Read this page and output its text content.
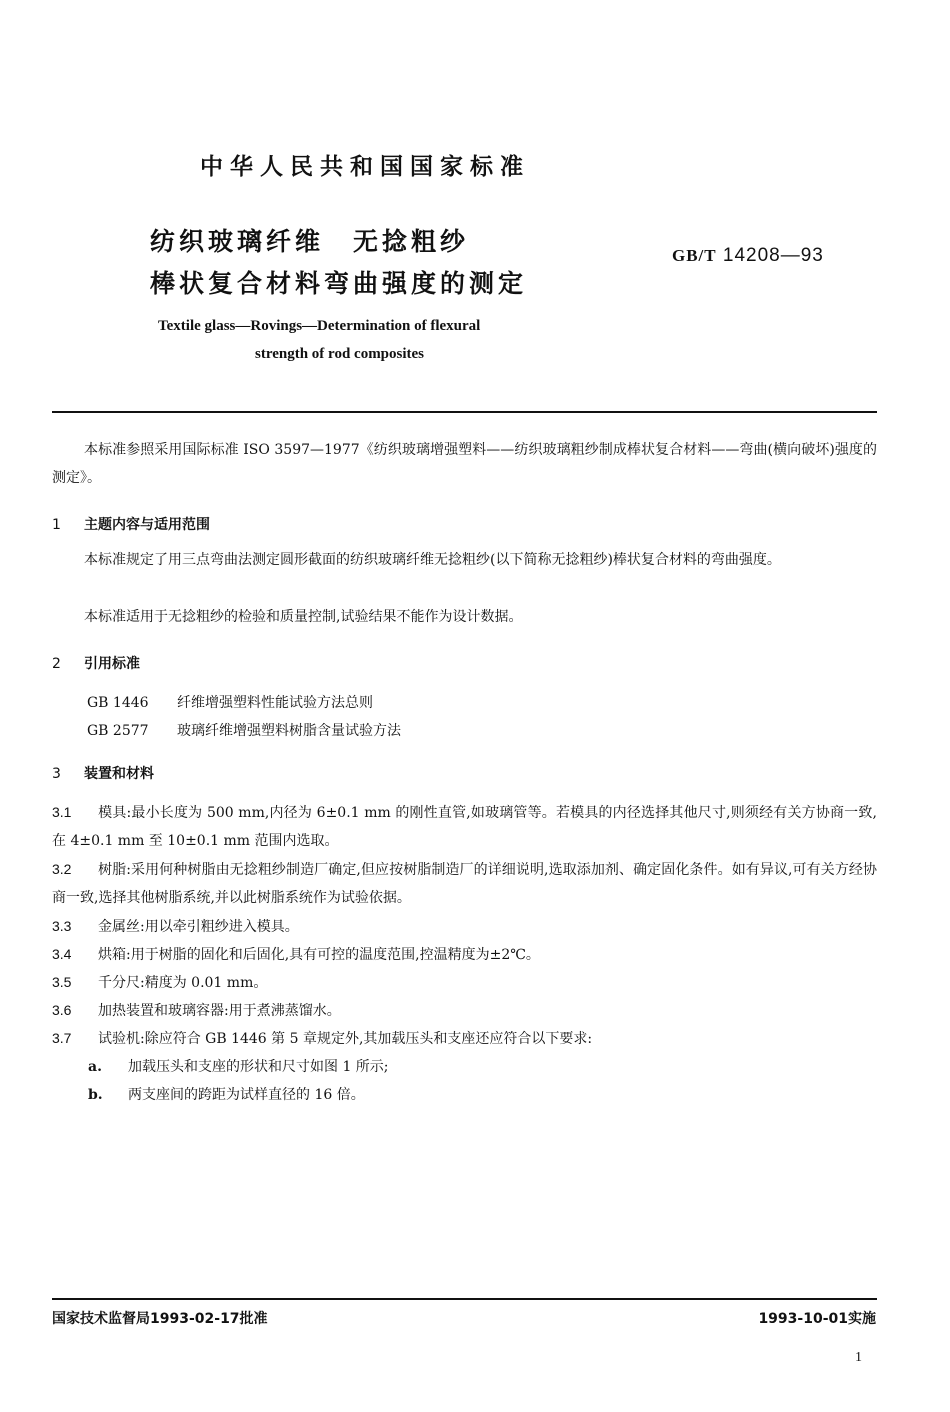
中华人民共和国国家标准
纺织玻璃纤维　无捻粗纱
棒状复合材料弯曲强度的测定
GB/T 14208—93
Textile glass—Rovings—Determination of flexural
strength of rod composites
本标准参照采用国际标准 ISO 3597—1977《纺织玻璃增强塑料——纺织玻璃粗纱制成棒状复合材料——弯曲(横向破坏)强度的测定》。
1 主题内容与适用范围
本标准规定了用三点弯曲法测定圆形截面的纺织玻璃纤维无捻粗纱(以下简称无捻粗纱)棒状复合材料的弯曲强度。
本标准适用于无捻粗纱的检验和质量控制,试验结果不能作为设计数据。
2 引用标准
GB 1446 纤维增强塑料性能试验方法总则
GB 2577 玻璃纤维增强塑料树脂含量试验方法
3 装置和材料
3.1 模具:最小长度为 500 mm,内径为 6±0.1 mm 的刚性直管,如玻璃管等。若模具的内径选择其他尺寸,则须经有关方协商一致,在 4±0.1 mm 至 10±0.1 mm 范围内选取。
3.2 树脂:采用何种树脂由无捻粗纱制造厂确定,但应按树脂制造厂的详细说明,选取添加剂、确定固化条件。如有异议,可有关方经协商一致,选择其他树脂系统,并以此树脂系统作为试验依据。
3.3 金属丝:用以牵引粗纱进入模具。
3.4 烘箱:用于树脂的固化和后固化,具有可控的温度范围,控温精度为±2℃。
3.5 千分尺:精度为 0.01 mm。
3.6 加热装置和玻璃容器:用于煮沸蒸馏水。
3.7 试验机:除应符合 GB 1446 第 5 章规定外,其加载压头和支座还应符合以下要求:
a. 加载压头和支座的形状和尺寸如图 1 所示;
b. 两支座间的跨距为试样直径的 16 倍。
国家技术监督局1993-02-17批准	1993-10-01实施
1
